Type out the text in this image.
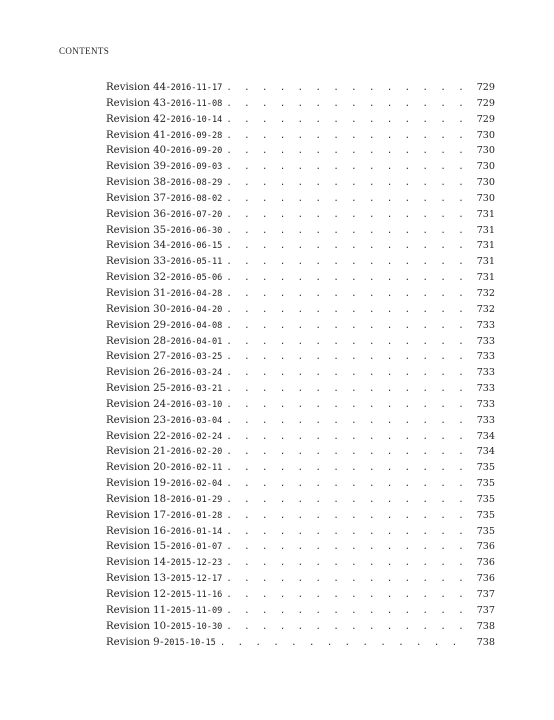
CONTENTS
Revision 44 - 2016-11-17 . . .	729
Revision 43 - 2016-11-08 . . .	729
Revision 42 - 2016-10-14 . . .	729
Revision 41 - 2016-09-28 . . .	730
Revision 40 - 2016-09-20 . . .	730
Revision 39 - 2016-09-03 . . .	730
Revision 38 - 2016-08-29 . . .	730
Revision 37 - 2016-08-02 . . .	730
Revision 36 - 2016-07-20 . . .	731
Revision 35 - 2016-06-30 . . .	731
Revision 34 - 2016-06-15 . . .	731
Revision 33 - 2016-05-11 . . .	731
Revision 32 - 2016-05-06 . . .	731
Revision 31 - 2016-04-28 . . .	732
Revision 30 - 2016-04-20 . . .	732
Revision 29 - 2016-04-08 . . .	733
Revision 28 - 2016-04-01 . . .	733
Revision 27 - 2016-03-25 . . .	733
Revision 26 - 2016-03-24 . . .	733
Revision 25 - 2016-03-21 . . .	733
Revision 24 - 2016-03-10 . . .	733
Revision 23 - 2016-03-04 . . .	733
Revision 22 - 2016-02-24 . . .	734
Revision 21 - 2016-02-20 . . .	734
Revision 20 - 2016-02-11 . . .	735
Revision 19 - 2016-02-04 . . .	735
Revision 18 - 2016-01-29 . . .	735
Revision 17 - 2016-01-28 . . .	735
Revision 16 - 2016-01-14 . . .	735
Revision 15 - 2016-01-07 . . .	736
Revision 14 - 2015-12-23 . . .	736
Revision 13 - 2015-12-17 . . .	736
Revision 12 - 2015-11-16 . . .	737
Revision 11 - 2015-11-09 . . .	737
Revision 10 - 2015-10-30 . . .	738
Revision 9 - 2015-10-15 . . .	738
